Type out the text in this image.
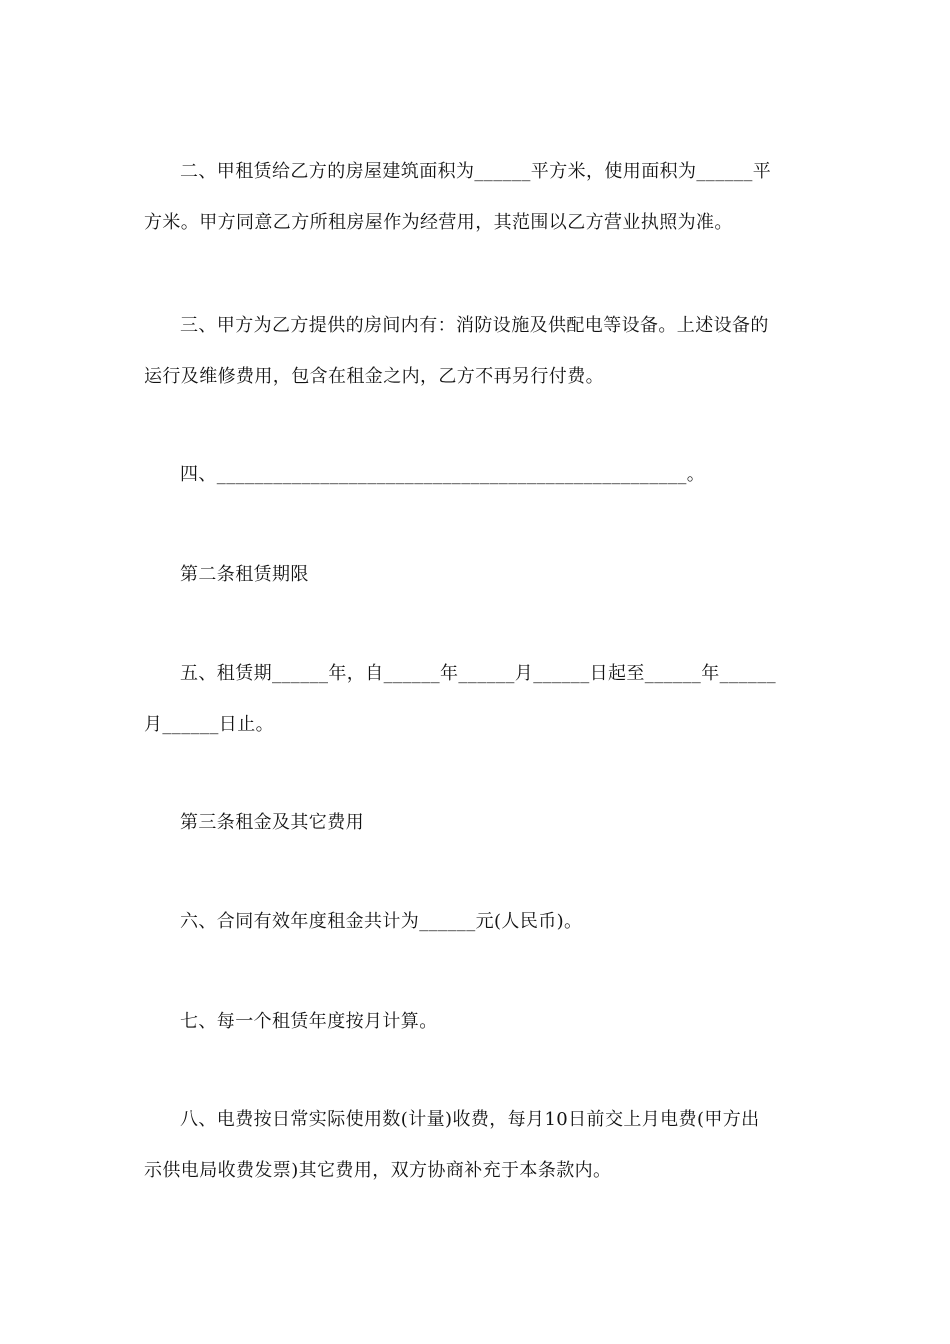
二、甲租赁给乙方的房屋建筑面积为______平方米，使用面积为______平
方米。甲方同意乙方所租房屋作为经营用，其范围以乙方营业执照为准。
三、甲方为乙方提供的房间内有：消防设施及供配电等设备。上述设备的
运行及维修费用，包含在租金之内，乙方不再另行付费。
四、__________________________________________________。
第二条租赁期限
五、租赁期______年，自______年______月______日起至______年______
月______日止。
第三条租金及其它费用
六、合同有效年度租金共计为______元(人民币)。
七、每一个租赁年度按月计算。
八、电费按日常实际使用数(计量)收费，每月10日前交上月电费(甲方出
示供电局收费发票)其它费用，双方协商补充于本条款内。
